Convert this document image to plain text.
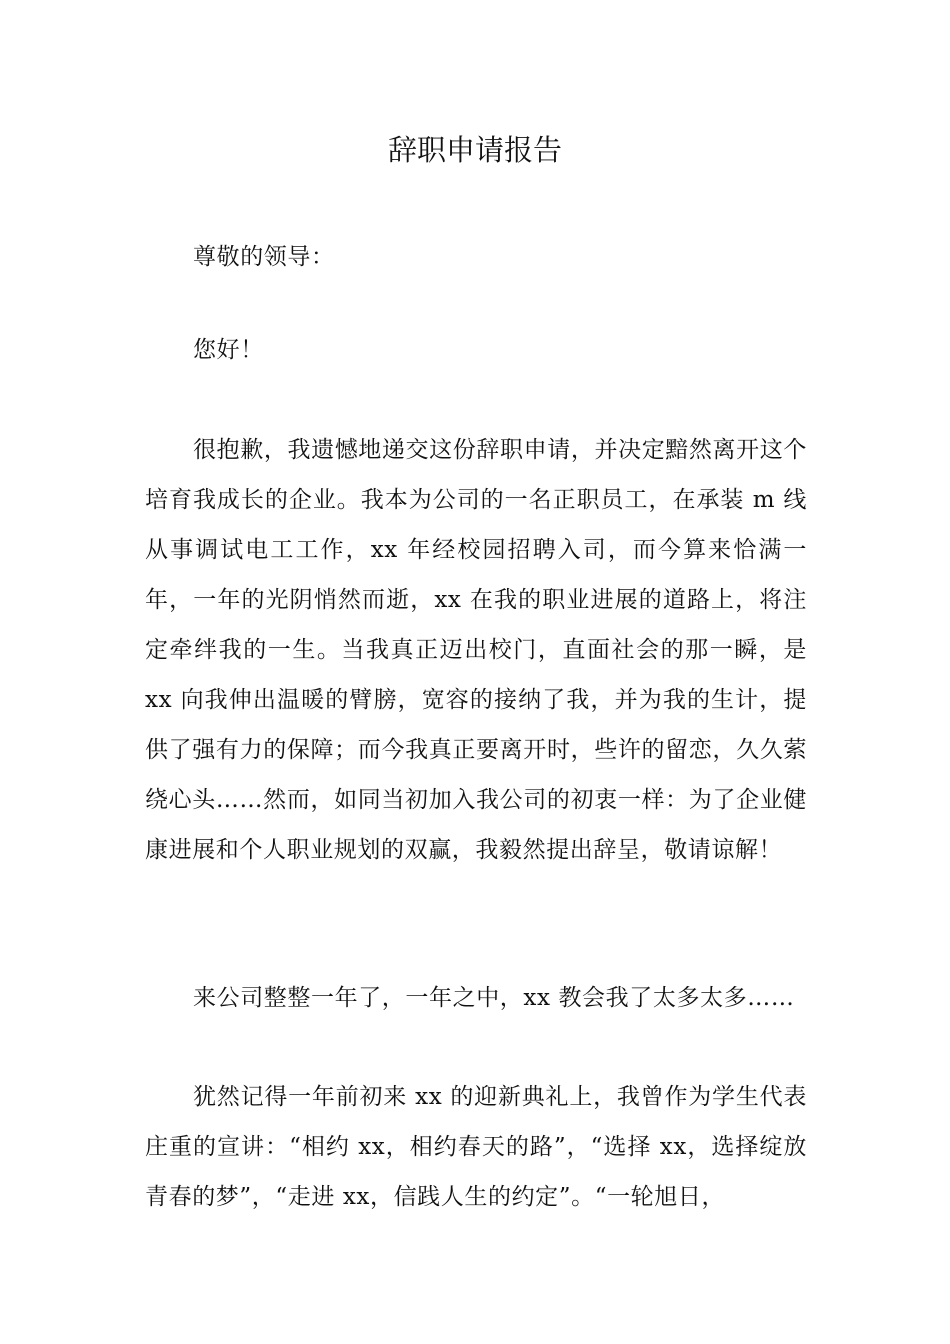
辞职申请报告

尊敬的领导：

您好！

很抱歉，我遗憾地递交这份辞职申请，并决定黯然离开这个培育我成长的企业。我本为公司的一名正职员工，在承装 m 线从事调试电工工作，xx 年经校园招聘入司，而今算来恰满一年，一年的光阴悄然而逝，xx 在我的职业进展的道路上，将注定牵绊我的一生。当我真正迈出校门，直面社会的那一瞬，是 xx 向我伸出温暖的臂膀，宽容的接纳了我，并为我的生计，提供了强有力的保障；而今我真正要离开时，些许的留恋，久久萦绕心头……然而，如同当初加入我公司的初衷一样：为了企业健康进展和个人职业规划的双赢，我毅然提出辞呈，敬请谅解！

来公司整整一年了，一年之中，xx 教会我了太多太多……

犹然记得一年前初来 xx 的迎新典礼上，我曾作为学生代表庄重的宣讲：“相约 xx，相约春天的路”，“选择 xx，选择绽放青春的梦”，“走进 xx，信践人生的约定”。“一轮旭日，
